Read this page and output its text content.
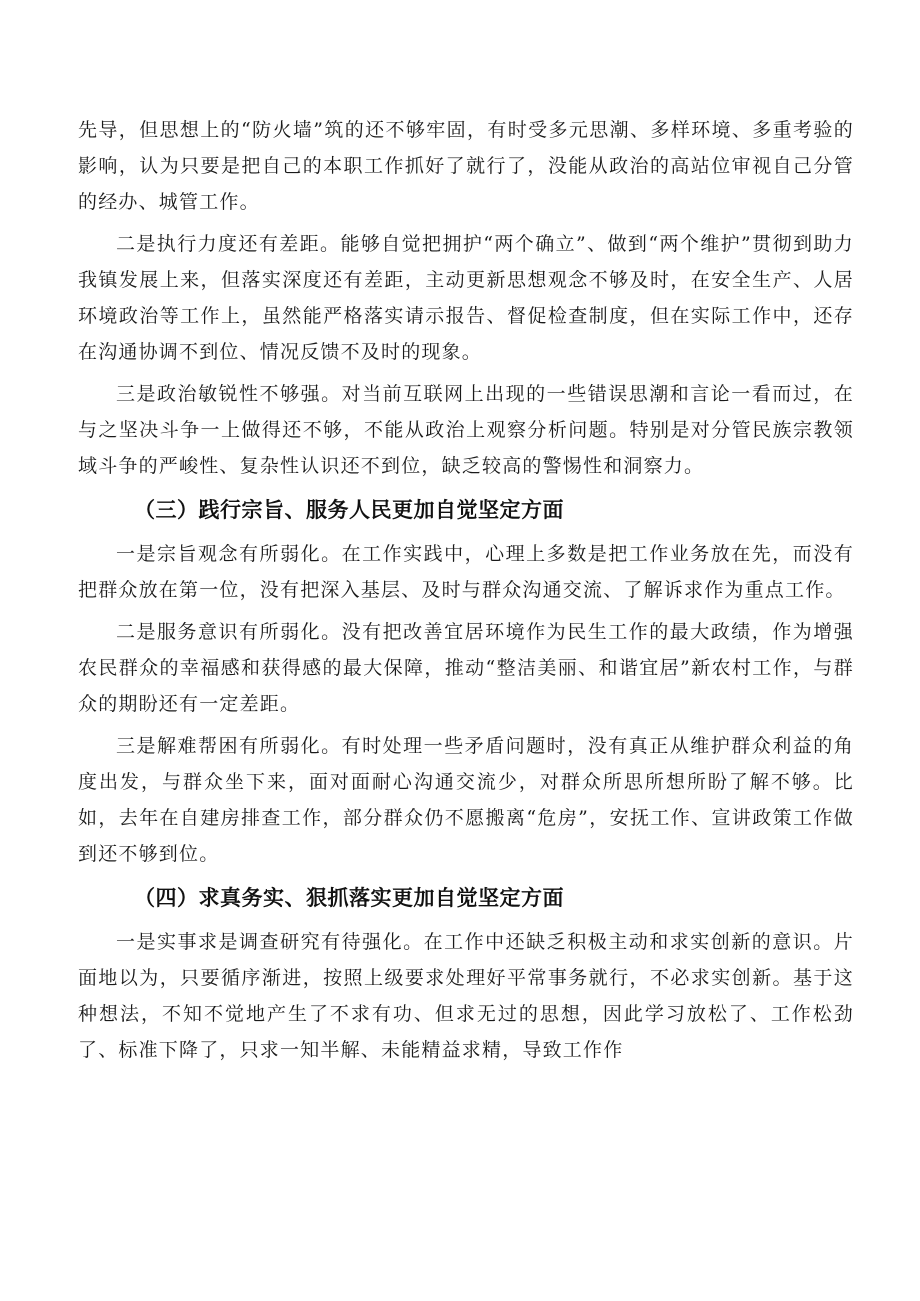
先导，但思想上的“防火墙”筑的还不够牢固，有时受多元思潮、多样环境、多重考验的影响，认为只要是把自己的本职工作抓好了就行了，没能从政治的高站位审视自己分管的经办、城管工作。

二是执行力度还有差距。能够自觉把拥护“两个确立”、做到“两个维护”贯彻到助力我镇发展上来，但落实深度还有差距，主动更新思想观念不够及时，在安全生产、人居环境政治等工作上，虽然能严格落实请示报告、督促检查制度，但在实际工作中，还存在沟通协调不到位、情况反馈不及时的现象。

三是政治敏锐性不够强。对当前互联网上出现的一些错误思潮和言论一看而过，在与之坚决斗争一上做得还不够，不能从政治上观察分析问题。特别是对分管民族宗教领域斗争的严峻性、复杂性认识还不到位，缺乏较高的警惕性和洞察力。

（三）践行宗旨、服务人民更加自觉坚定方面

一是宗旨观念有所弱化。在工作实践中，心理上多数是把工作业务放在先，而没有把群众放在第一位，没有把深入基层、及时与群众沟通交流、了解诉求作为重点工作。

二是服务意识有所弱化。没有把改善宜居环境作为民生工作的最大政绩，作为增强农民群众的幸福感和获得感的最大保障，推动“整洁美丽、和谐宜居”新农村工作，与群众的期盼还有一定差距。

三是解难帮困有所弱化。有时处理一些矛盾问题时，没有真正从维护群众利益的角度出发，与群众坐下来，面对面耐心沟通交流少，对群众所思所想所盼了解不够。比如，去年在自建房排查工作，部分群众仍不愿搬离“危房”，安抚工作、宣讲政策工作做到还不够到位。

（四）求真务实、狠抓落实更加自觉坚定方面

一是实事求是调查研究有待强化。在工作中还缺乏积极主动和求实创新的意识。片面地以为，只要循序渐进，按照上级要求处理好平常事务就行，不必求实创新。基于这种想法，不知不觉地产生了不求有功、但求无过的思想，因此学习放松了、工作松劲了、标准下降了，只求一知半解、未能精益求精，导致工作作
